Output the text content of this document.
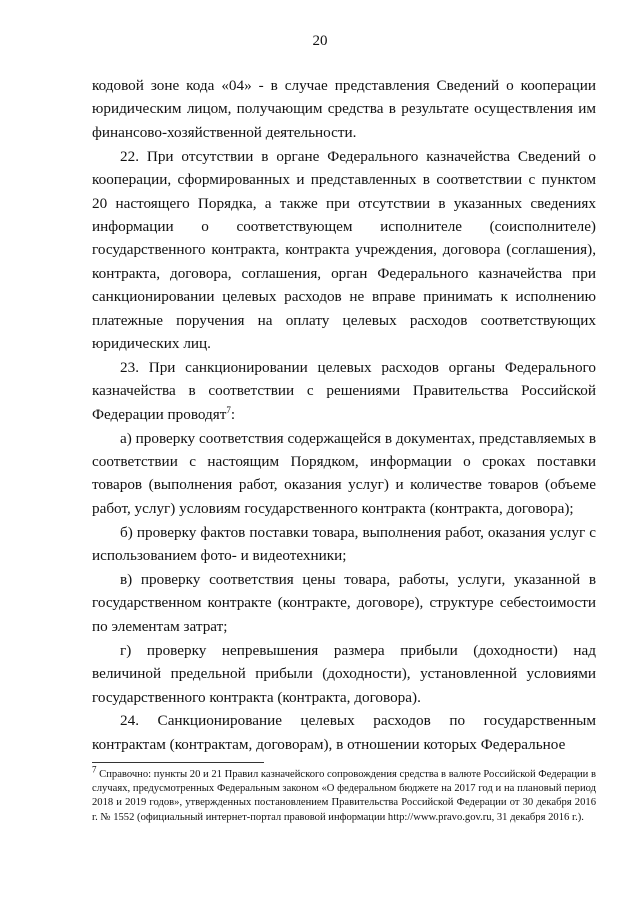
20

кодовой зоне кода «04» - в случае представления Сведений о кооперации юридическим лицом, получающим средства в результате осуществления им финансово-хозяйственной деятельности.

22. При отсутствии в органе Федерального казначейства Сведений о кооперации, сформированных и представленных в соответствии с пунктом 20 настоящего Порядка, а также при отсутствии в указанных сведениях информации о соответствующем исполнителе (соисполнителе) государственного контракта, контракта учреждения, договора (соглашения), контракта, договора, соглашения, орган Федерального казначейства при санкционировании целевых расходов не вправе принимать к исполнению платежные поручения на оплату целевых расходов соответствующих юридических лиц.

23. При санкционировании целевых расходов органы Федерального казначейства в соответствии с решениями Правительства Российской Федерации проводят$^7$:

а) проверку соответствия содержащейся в документах, представляемых в соответствии с настоящим Порядком, информации о сроках поставки товаров (выполнения работ, оказания услуг) и количестве товаров (объеме работ, услуг) условиям государственного контракта (контракта, договора);

б) проверку фактов поставки товара, выполнения работ, оказания услуг с использованием фото- и видеотехники;

в) проверку соответствия цены товара, работы, услуги, указанной в государственном контракте (контракте, договоре), структуре себестоимости по элементам затрат;

г) проверку непревышения размера прибыли (доходности) над величиной предельной прибыли (доходности), установленной условиями государственного контракта (контракта, договора).

24. Санкционирование целевых расходов по государственным контрактам (контрактам, договорам), в отношении которых Федеральное

$^7$ Справочно: пункты 20 и 21 Правил казначейского сопровождения средства в валюте Российской Федерации в случаях, предусмотренных Федеральным законом «О федеральном бюджете на 2017 год и на плановый период 2018 и 2019 годов», утвержденных постановлением Правительства Российской Федерации от 30 декабря 2016 г. № 1552 (официальный интернет-портал правовой информации http://www.pravo.gov.ru, 31 декабря 2016 г.).
